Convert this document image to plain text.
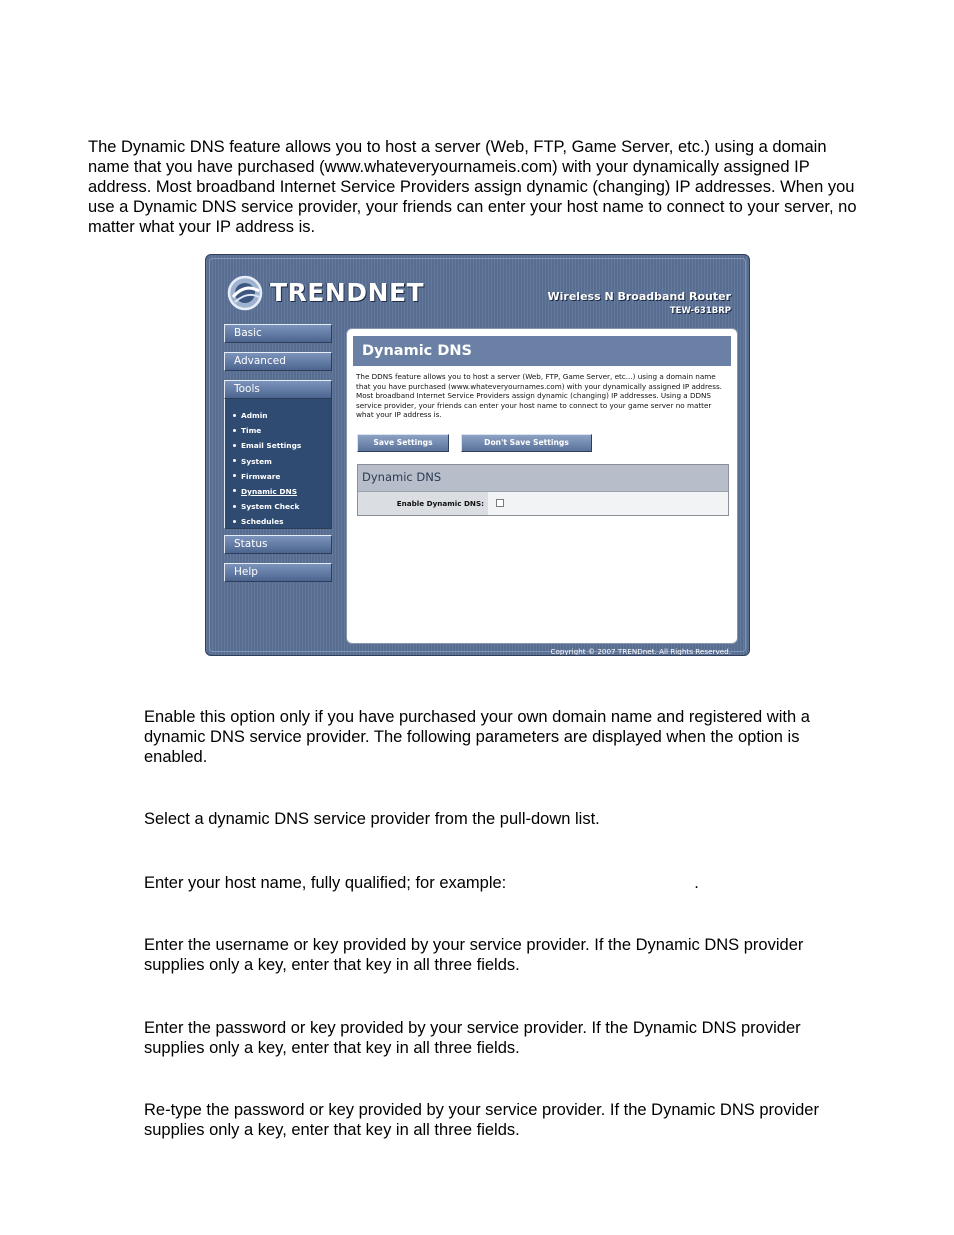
The Dynamic DNS feature allows you to host a server (Web, FTP, Game Server, etc.) using a domain name that you have purchased (www.whateveryournameis.com) with your dynamically assigned IP address. Most broadband Internet Service Providers assign dynamic (changing) IP addresses. When you use a Dynamic DNS service provider, your friends can enter your host name to connect to your server, no matter what your IP address is.

TRENDNET	Wireless N Broadband Router
TEW-631BRP
Basic
Advanced
Tools
Admin
Time
Email Settings
System
Firmware
Dynamic DNS
System Check
Schedules
Status
Help
Dynamic DNS
The DDNS feature allows you to host a server (Web, FTP, Game Server, etc...) using a domain name that you have purchased (www.whateveryournames.com) with your dynamically assigned IP address. Most broadband Internet Service Providers assign dynamic (changing) IP addresses. Using a DDNS service provider, your friends can enter your host name to connect to your game server no matter what your IP address is.
Save Settings	Don't Save Settings
Dynamic DNS
Enable Dynamic DNS:
Copyright © 2007 TRENDnet. All Rights Reserved.

Enable this option only if you have purchased your own domain name and registered with a dynamic DNS service provider. The following parameters are displayed when the option is enabled.

Select a dynamic DNS service provider from the pull-down list.

Enter your host name, fully qualified; for example:	.

Enter the username or key provided by your service provider. If the Dynamic DNS provider supplies only a key, enter that key in all three fields.

Enter the password or key provided by your service provider. If the Dynamic DNS provider supplies only a key, enter that key in all three fields.

Re-type the password or key provided by your service provider. If the Dynamic DNS provider supplies only a key, enter that key in all three fields.
